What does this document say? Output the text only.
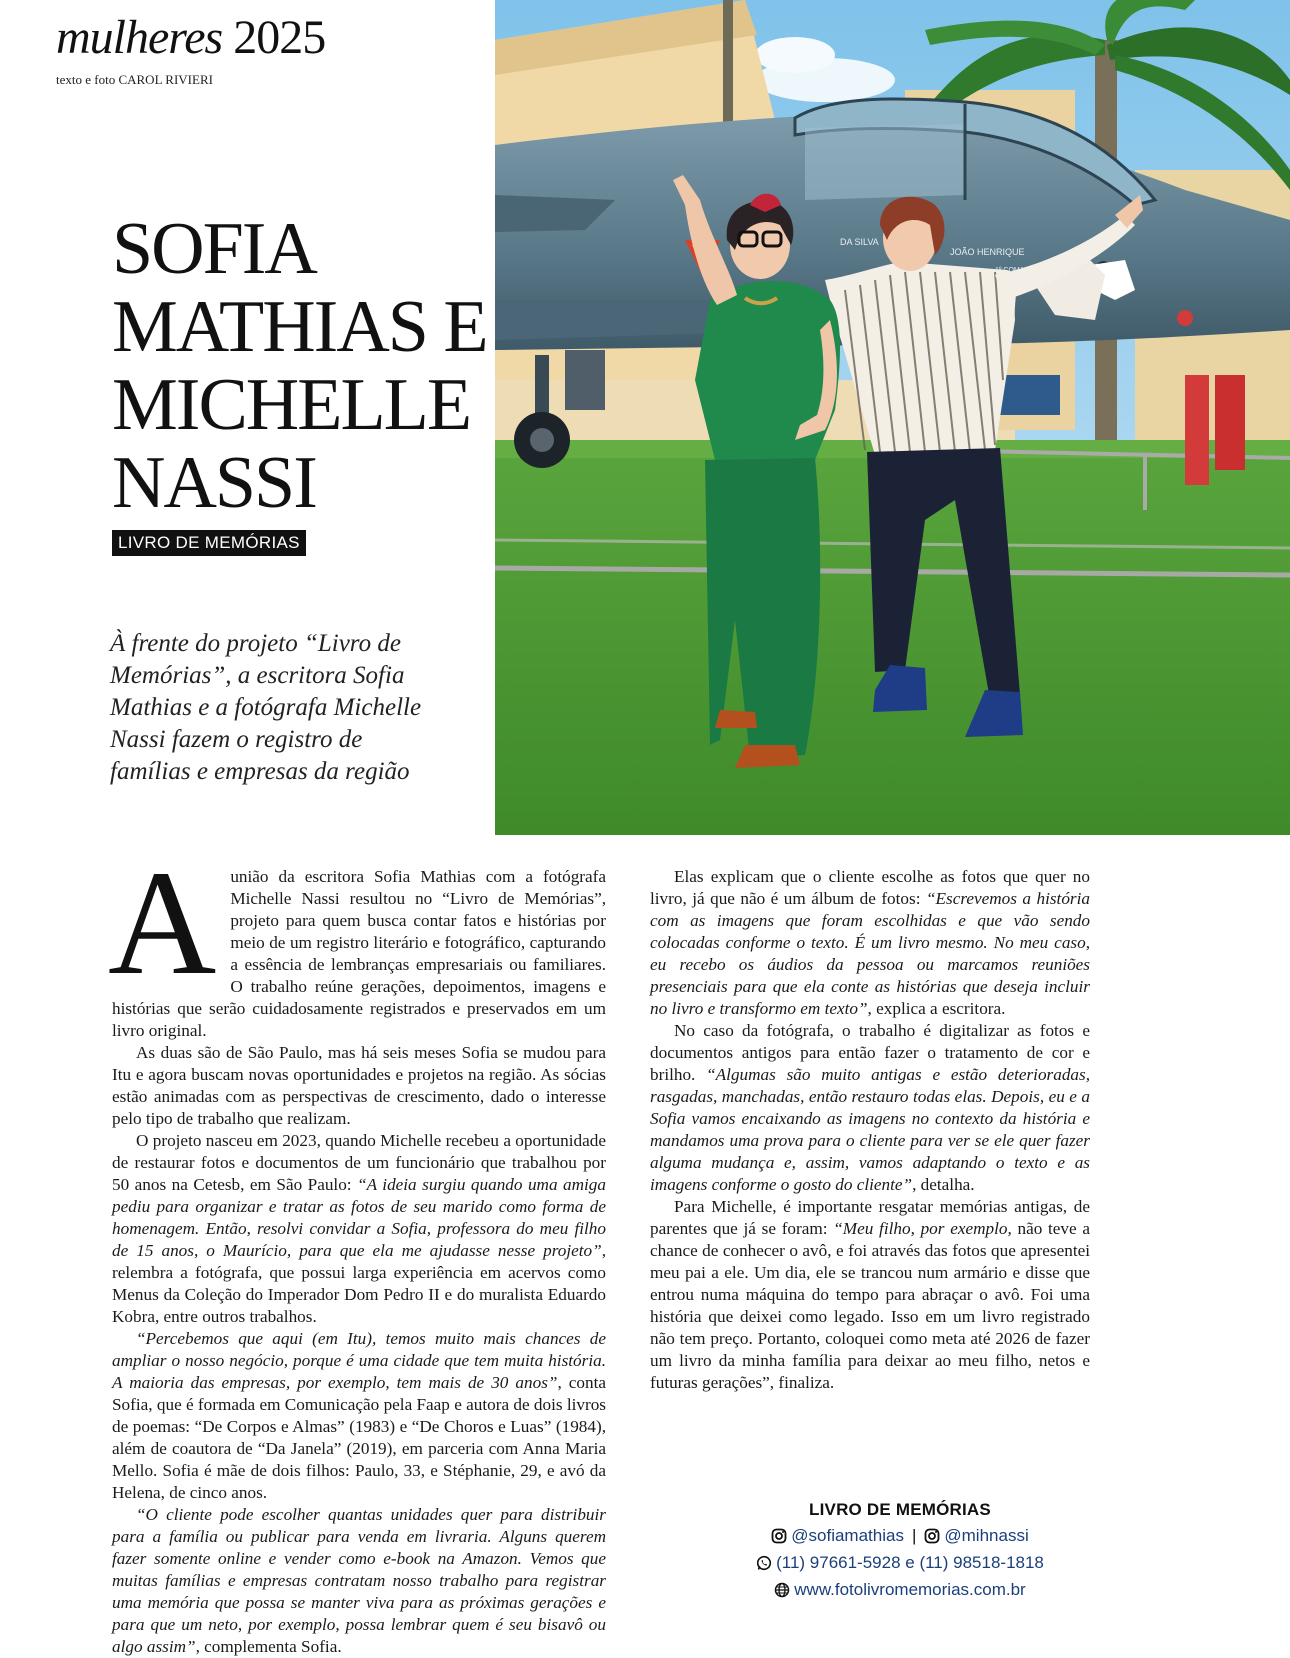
mulheres 2025
texto e foto CAROL RIVIERI
SOFIA
MATHIAS E
MICHELLE
NASSI
LIVRO DE MEMÓRIAS
À frente do projeto “Livro de
Memórias”, a escritora Sofia
Mathias e a fotógrafa Michelle
Nassi fazem o registro de
famílias e empresas da região
DA SILVA
JOÃO HENRIQUE

Aunião da escritora Sofia Mathias com a fotógrafa Michelle Nassi resultou no “Livro de Memórias”, projeto para quem busca contar fatos e histórias por meio de um registro literário e fotográfico, capturando a essência de lembranças empresariais ou familiares. O trabalho reúne gerações, depoimentos, imagens e histórias que serão cuidadosamente registrados e preservados em um livro original.

As duas são de São Paulo, mas há seis meses Sofia se mudou para Itu e agora buscam novas oportunidades e projetos na região. As sócias estão animadas com as perspectivas de crescimento, dado o interesse pelo tipo de trabalho que realizam.

O projeto nasceu em 2023, quando Michelle recebeu a oportunidade de restaurar fotos e documentos de um funcionário que trabalhou por 50 anos na Cetesb, em São Paulo: “A ideia surgiu quando uma amiga pediu para organizar e tratar as fotos de seu marido como forma de homenagem. Então, resolvi convidar a Sofia, professora do meu filho de 15 anos, o Maurício, para que ela me ajudasse nesse projeto”, relembra a fotógrafa, que possui larga experiência em acervos como Menus da Coleção do Imperador Dom Pedro II e do muralista Eduardo Kobra, entre outros trabalhos.

“Percebemos que aqui (em Itu), temos muito mais chances de ampliar o nosso negócio, porque é uma cidade que tem muita história. A maioria das empresas, por exemplo, tem mais de 30 anos”, conta Sofia, que é formada em Comunicação pela Faap e autora de dois livros de poemas: “De Corpos e Almas” (1983) e “De Choros e Luas” (1984), além de coautora de “Da Janela” (2019), em parceria com Anna Maria Mello. Sofia é mãe de dois filhos: Paulo, 33, e Stéphanie, 29, e avó da Helena, de cinco anos.

“O cliente pode escolher quantas unidades quer para distribuir para a família ou publicar para venda em livraria. Alguns querem fazer somente online e vender como e-book na Amazon. Vemos que muitas famílias e empresas contratam nosso trabalho para registrar uma memória que possa se manter viva para as próximas gerações e para que um neto, por exemplo, possa lembrar quem é seu bisavô ou algo assim”, complementa Sofia.

Elas explicam que o cliente escolhe as fotos que quer no livro, já que não é um álbum de fotos: “Escrevemos a história com as imagens que foram escolhidas e que vão sendo colocadas conforme o texto. É um livro mesmo. No meu caso, eu recebo os áudios da pessoa ou marcamos reuniões presenciais para que ela conte as histórias que deseja incluir no livro e transformo em texto”, explica a escritora.

No caso da fotógrafa, o trabalho é digitalizar as fotos e documentos antigos para então fazer o tratamento de cor e brilho. “Algumas são muito antigas e estão deterioradas, rasgadas, manchadas, então restauro todas elas. Depois, eu e a Sofia vamos encaixando as imagens no contexto da história e mandamos uma prova para o cliente para ver se ele quer fazer alguma mudança e, assim, vamos adaptando o texto e as imagens conforme o gosto do cliente”, detalha.

Para Michelle, é importante resgatar memórias antigas, de parentes que já se foram: “Meu filho, por exemplo, não teve a chance de conhecer o avô, e foi através das fotos que apresentei meu pai a ele. Um dia, ele se trancou num armário e disse que entrou numa máquina do tempo para abraçar o avô. Foi uma história que deixei como legado. Isso em um livro registrado não tem preço. Portanto, coloquei como meta até 2026 de fazer um livro da minha família para deixar ao meu filho, netos e futuras gerações”, finaliza.

LIVRO DE MEMÓRIAS
@sofiamathias | @mihnassi
(11) 97661-5928 e (11) 98518-1818
www.fotolivromemorias.com.br
